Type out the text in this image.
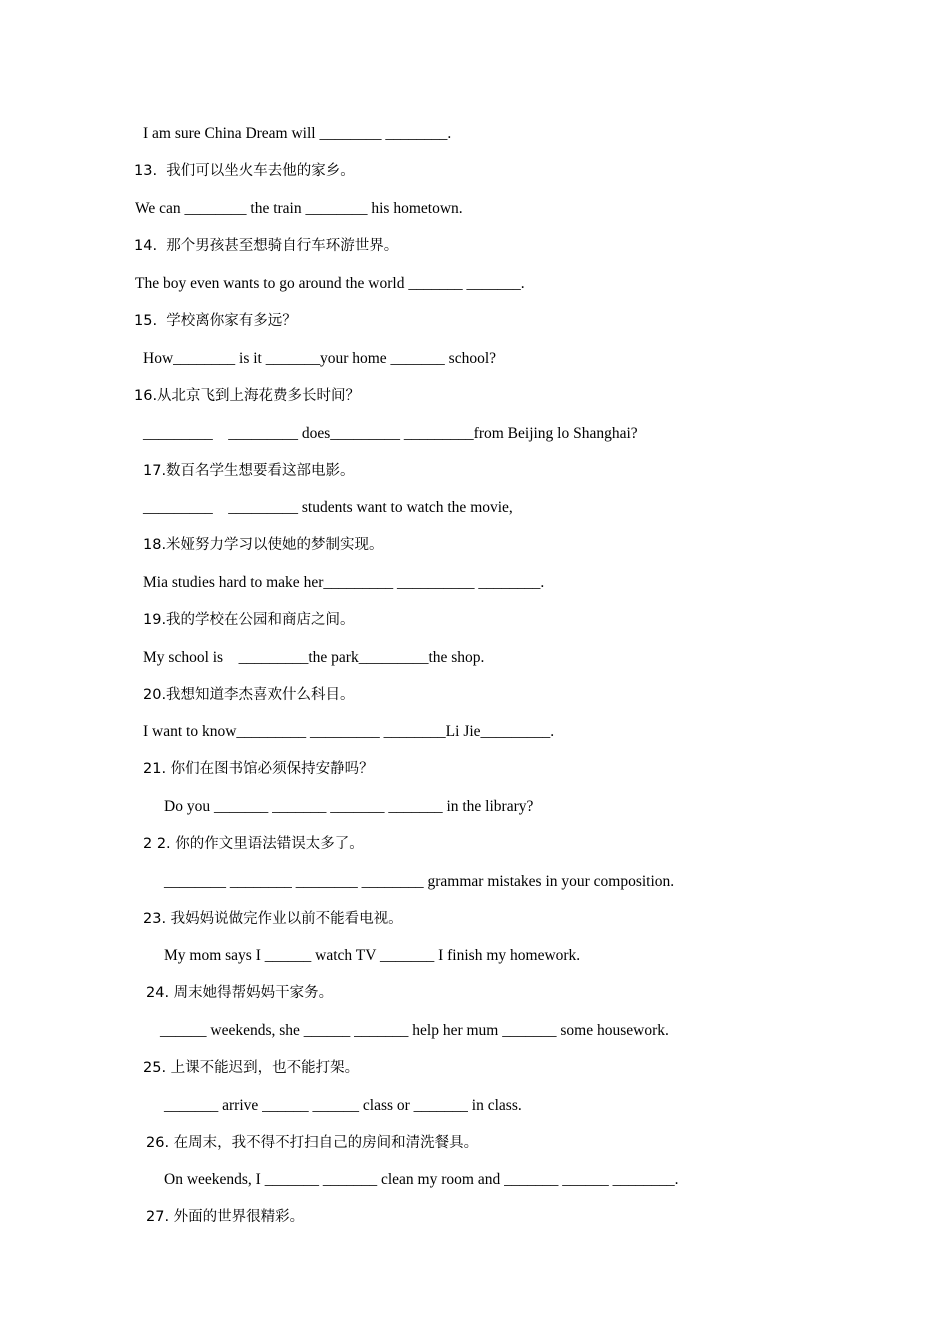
I am sure China Dream will ________ ________.
13.  我们可以坐火车去他的家乡。
We can ________ the train ________ his hometown.
14.  那个男孩甚至想骑自行车环游世界。
The boy even wants to go around the world _______ _______.
15.  学校离你家有多远？
How________ is it _______your home _______ school?
16.从北京飞到上海花费多长时间？
_________    _________ does_________ _________from Beijing lo Shanghai?
17.数百名学生想要看这部电影。
_________    _________ students want to watch the movie,
18.米娅努力学习以使她的梦制实现。
Mia studies hard to make her_________ __________ ________.
19.我的学校在公园和商店之间。
My school is    _________the park_________the shop.
20.我想知道李杰喜欢什么科目。
I want to know_________ _________ ________Li Jie_________.
21. 你们在图书馆必须保持安静吗？
Do you _______ _______ _______ _______ in the library?
2 2. 你的作文里语法错误太多了。
________ ________ ________ ________ grammar mistakes in your composition.
23. 我妈妈说做完作业以前不能看电视。
My mom says I ______ watch TV _______ I finish my homework.
24. 周末她得帮妈妈干家务。
______ weekends, she ______ _______ help her mum _______ some housework.
25. 上课不能迟到，也不能打架。
_______ arrive ______ ______ class or _______ in class.
26. 在周末，我不得不打扫自己的房间和清洗餐具。
On weekends, I _______ _______ clean my room and _______ ______ ________.
27. 外面的世界很精彩。
